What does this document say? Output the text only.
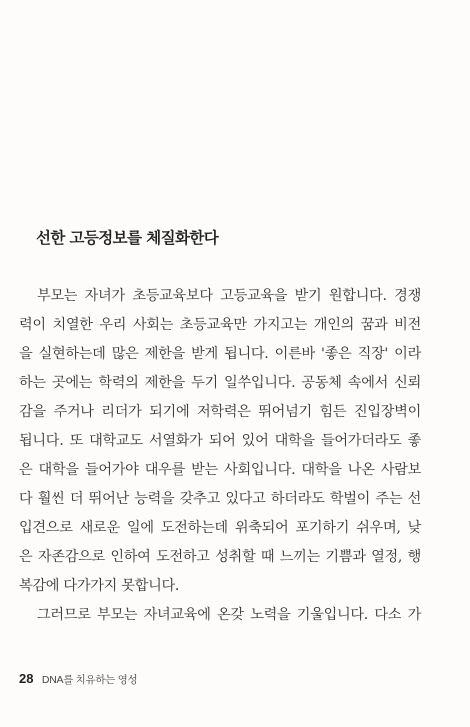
선한 고등정보를 체질화한다
부모는 자녀가 초등교육보다 고등교육을 받기 원합니다. 경쟁
력이 치열한 우리 사회는 초등교육만 가지고는 개인의 꿈과 비전
을 실현하는데 많은 제한을 받게 됩니다. 이른바 '좋은 직장' 이라
하는 곳에는 학력의 제한을 두기 일쑤입니다. 공동체 속에서 신뢰
감을 주거나 리더가 되기에 저학력은 뛰어넘기 힘든 진입장벽이
됩니다. 또 대학교도 서열화가 되어 있어 대학을 들어가더라도 좋
은 대학을 들어가야 대우를 받는 사회입니다. 대학을 나온 사람보
다 훨씬 더 뛰어난 능력을 갖추고 있다고 하더라도 학벌이 주는 선
입견으로 새로운 일에 도전하는데 위축되어 포기하기 쉬우며, 낮
은 자존감으로 인하여 도전하고 성취할 때 느끼는 기쁨과 열정, 행
복감에 다가가지 못합니다.
그러므로 부모는 자녀교육에 온갖 노력을 기울입니다. 다소 가
28 DNA를 치유하는 영성
